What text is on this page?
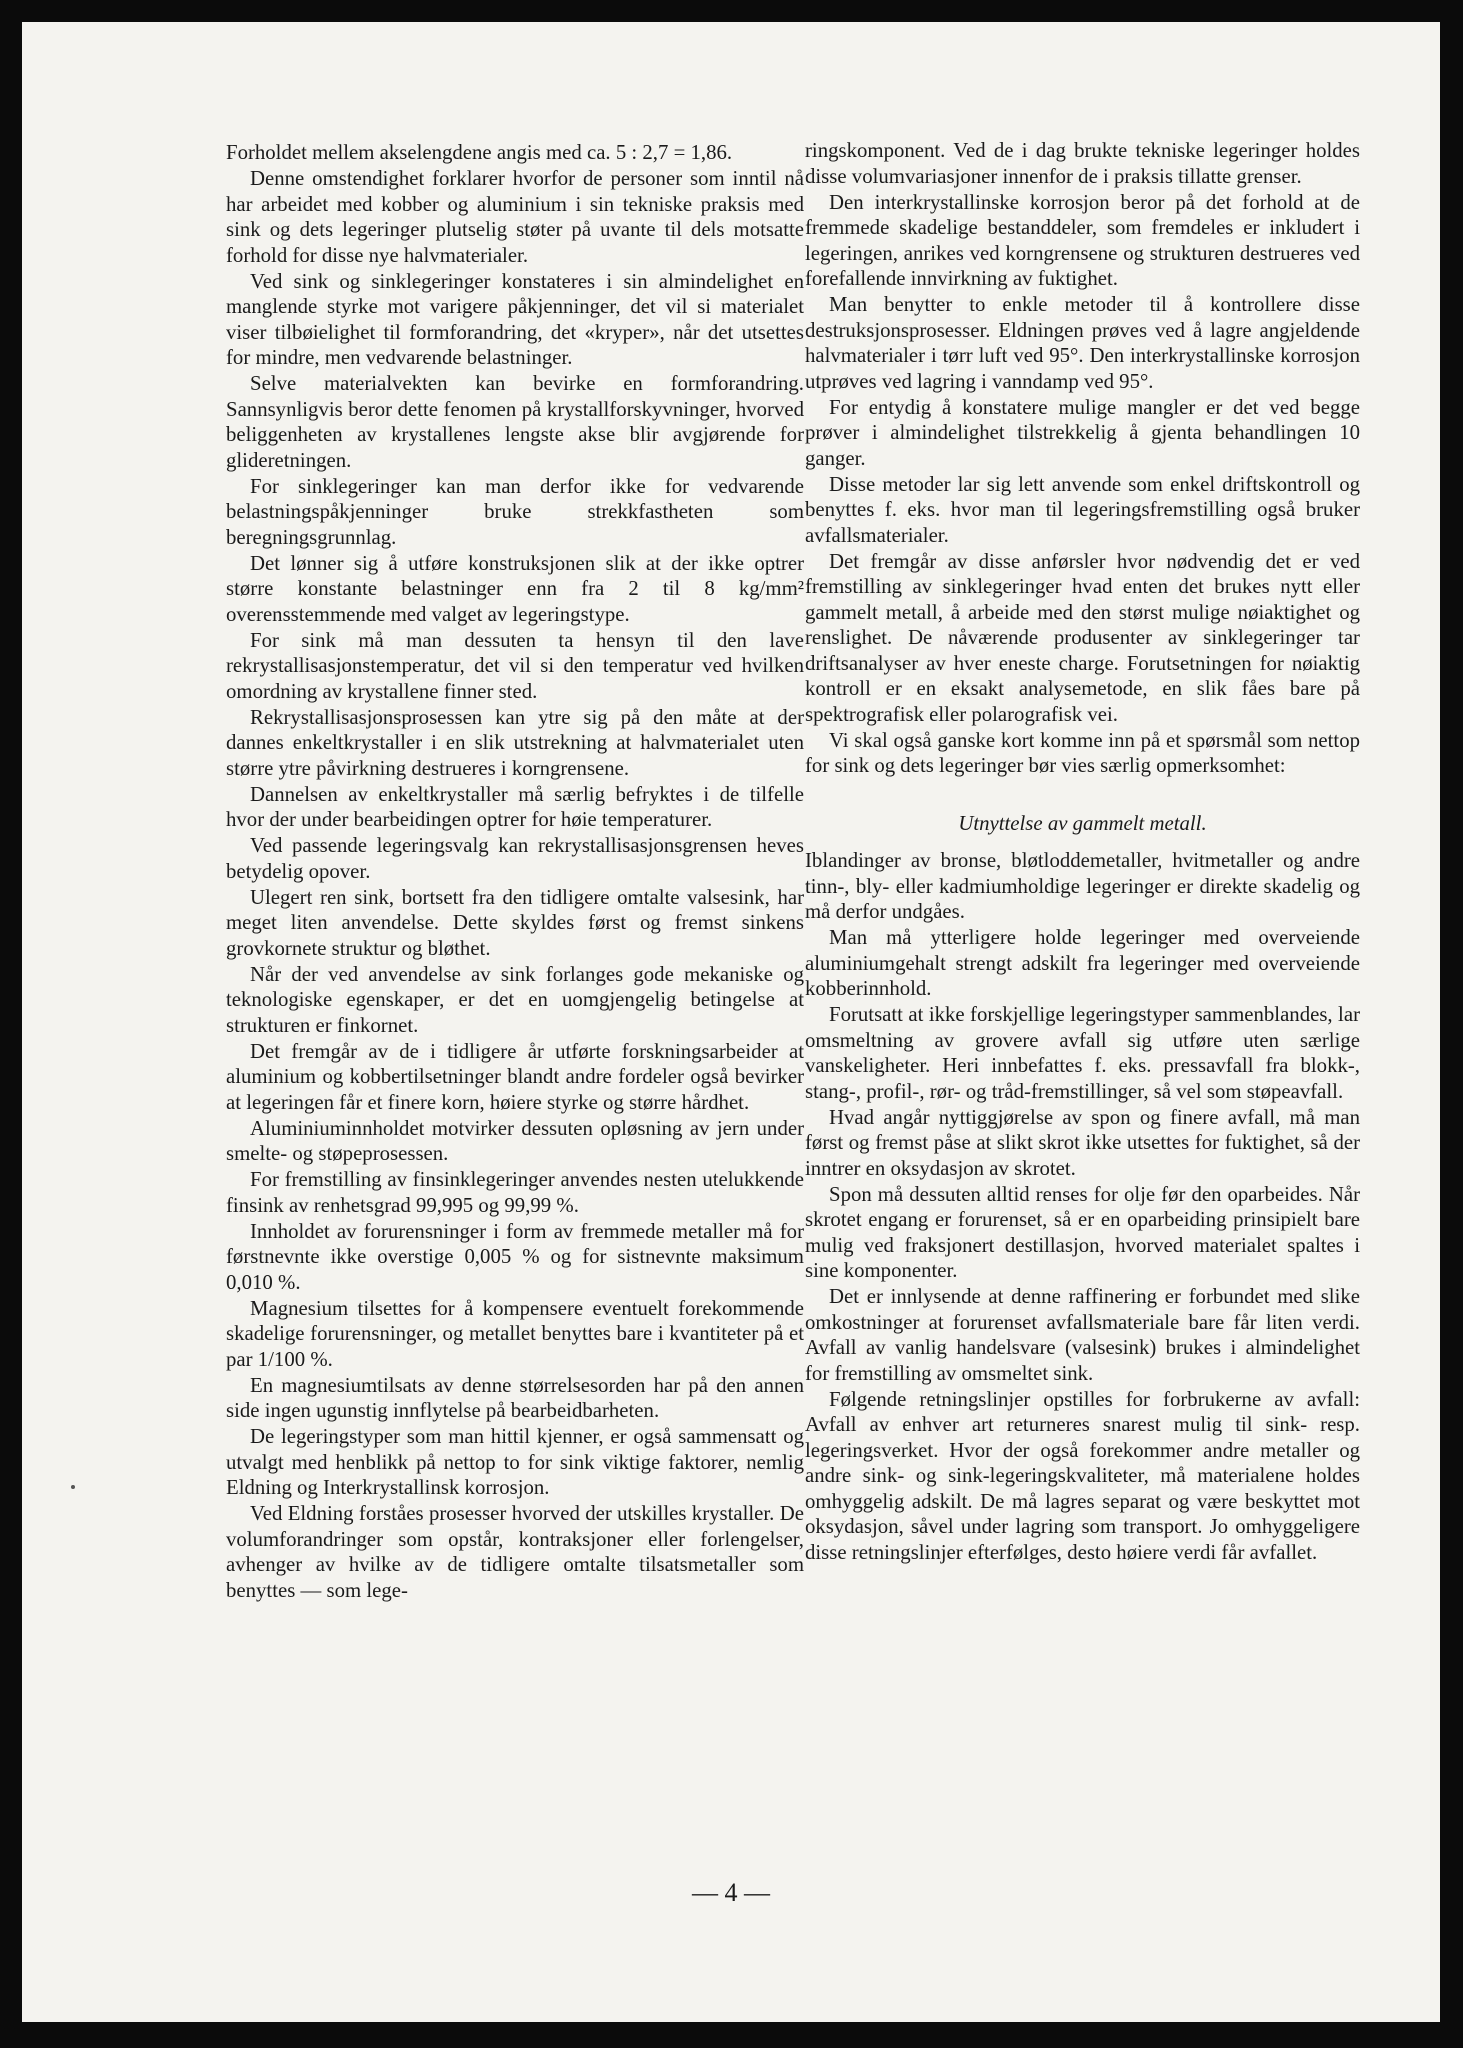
Forholdet mellem akselengdene angis med ca. 5 : 2,7 = 1,86.

Denne omstendighet forklarer hvorfor de personer som inntil nå har arbeidet med kobber og aluminium i sin tekniske praksis med sink og dets legeringer plutselig støter på uvante til dels motsatte forhold for disse nye halvmaterialer.

Ved sink og sinklegeringer konstateres i sin almindelighet en manglende styrke mot varigere påkjenninger, det vil si materialet viser tilbøielighet til formforandring, det «kryper», når det utsettes for mindre, men vedvarende belastninger.

Selve materialvekten kan bevirke en formforandring. Sannsynligvis beror dette fenomen på krystallforskyvninger, hvorved beliggenheten av krystallenes lengste akse blir avgjørende for glideretningen.

For sinklegeringer kan man derfor ikke for vedvarende belastningspåkjenninger bruke strekkfastheten som beregningsgrunnlag.

Det lønner sig å utføre konstruksjonen slik at der ikke optrer større konstante belastninger enn fra 2 til 8 kg/mm² overensstemmende med valget av legeringstype.

For sink må man dessuten ta hensyn til den lave rekrystallisasjonstemperatur, det vil si den temperatur ved hvilken omordning av krystallene finner sted.

Rekrystallisasjonsprosessen kan ytre sig på den måte at der dannes enkeltkrystaller i en slik utstrekning at halvmaterialet uten større ytre påvirkning destrueres i korngrensene.

Dannelsen av enkeltkrystaller må særlig befryktes i de tilfelle hvor der under bearbeidingen optrer for høie temperaturer.

Ved passende legeringsvalg kan rekrystallisasjonsgrensen heves betydelig opover.

Ulegert ren sink, bortsett fra den tidligere omtalte valsesink, har meget liten anvendelse. Dette skyldes først og fremst sinkens grovkornete struktur og bløthet.

Når der ved anvendelse av sink forlanges gode mekaniske og teknologiske egenskaper, er det en uomgjengelig betingelse at strukturen er finkornet.

Det fremgår av de i tidligere år utførte forskningsarbeider at aluminium og kobbertilsetninger blandt andre fordeler også bevirker at legeringen får et finere korn, høiere styrke og større hårdhet.

Aluminiuminnholdet motvirker dessuten opløsning av jern under smelte- og støpeprosessen.

For fremstilling av finsinklegeringer anvendes nesten utelukkende finsink av renhetsgrad 99,995 og 99,99 %.

Innholdet av forurensninger i form av fremmede metaller må for førstnevnte ikke overstige 0,005 % og for sistnevnte maksimum 0,010 %.

Magnesium tilsettes for å kompensere eventuelt forekommende skadelige forurensninger, og metallet benyttes bare i kvantiteter på et par 1/100 %.

En magnesiumtilsats av denne størrelsesorden har på den annen side ingen ugunstig innflytelse på bearbeidbarheten.

De legeringstyper som man hittil kjenner, er også sammensatt og utvalgt med henblikk på nettop to for sink viktige faktorer, nemlig Eldning og Interkrystallinsk korrosjon.

Ved Eldning forståes prosesser hvorved der utskilles krystaller. De volumforandringer som opstår, kontraksjoner eller forlengelser, avhenger av hvilke av de tidligere omtalte tilsatsmetaller som benyttes — som lege-

ringskomponent. Ved de i dag brukte tekniske legeringer holdes disse volumvariasjoner innenfor de i praksis tillatte grenser.

Den interkrystallinske korrosjon beror på det forhold at de fremmede skadelige bestanddeler, som fremdeles er inkludert i legeringen, anrikes ved korngrensene og strukturen destrueres ved forefallende innvirkning av fuktighet.

Man benytter to enkle metoder til å kontrollere disse destruksjonsprosesser. Eldningen prøves ved å lagre angjeldende halvmaterialer i tørr luft ved 95°. Den interkrystallinske korrosjon utprøves ved lagring i vanndamp ved 95°.

For entydig å konstatere mulige mangler er det ved begge prøver i almindelighet tilstrekkelig å gjenta behandlingen 10 ganger.

Disse metoder lar sig lett anvende som enkel driftskontroll og benyttes f. eks. hvor man til legeringsfremstilling også bruker avfallsmaterialer.

Det fremgår av disse anførsler hvor nødvendig det er ved fremstilling av sinklegeringer hvad enten det brukes nytt eller gammelt metall, å arbeide med den størst mulige nøiaktighet og renslighet. De nåværende produsenter av sinklegeringer tar driftsanalyser av hver eneste charge. Forutsetningen for nøiaktig kontroll er en eksakt analysemetode, en slik fåes bare på spektrografisk eller polarografisk vei.

Vi skal også ganske kort komme inn på et spørsmål som nettop for sink og dets legeringer bør vies særlig opmerksomhet:

Utnyttelse av gammelt metall.

Iblandinger av bronse, bløtloddemetaller, hvitmetaller og andre tinn-, bly- eller kadmiumholdige legeringer er direkte skadelig og må derfor undgåes.

Man må ytterligere holde legeringer med overveiende aluminiumgehalt strengt adskilt fra legeringer med overveiende kobberinnhold.

Forutsatt at ikke forskjellige legeringstyper sammenblandes, lar omsmeltning av grovere avfall sig utføre uten særlige vanskeligheter. Heri innbefattes f. eks. pressavfall fra blokk-, stang-, profil-, rør- og tråd-fremstillinger, så vel som støpeavfall.

Hvad angår nyttiggjørelse av spon og finere avfall, må man først og fremst påse at slikt skrot ikke utsettes for fuktighet, så der inntrer en oksydasjon av skrotet.

Spon må dessuten alltid renses for olje før den oparbeides. Når skrotet engang er forurenset, så er en oparbeiding prinsipielt bare mulig ved fraksjonert destillasjon, hvorved materialet spaltes i sine komponenter.

Det er innlysende at denne raffinering er forbundet med slike omkostninger at forurenset avfallsmateriale bare får liten verdi. Avfall av vanlig handelsvare (valsesink) brukes i almindelighet for fremstilling av omsmeltet sink.

Følgende retningslinjer opstilles for forbrukerne av avfall: Avfall av enhver art returneres snarest mulig til sink- resp. legeringsverket. Hvor der også forekommer andre metaller og andre sink- og sink-legeringskvaliteter, må materialene holdes omhyggelig adskilt. De må lagres separat og være beskyttet mot oksydasjon, såvel under lagring som transport. Jo omhyggeligere disse retningslinjer efterfølges, desto høiere verdi får avfallet.

— 4 —
